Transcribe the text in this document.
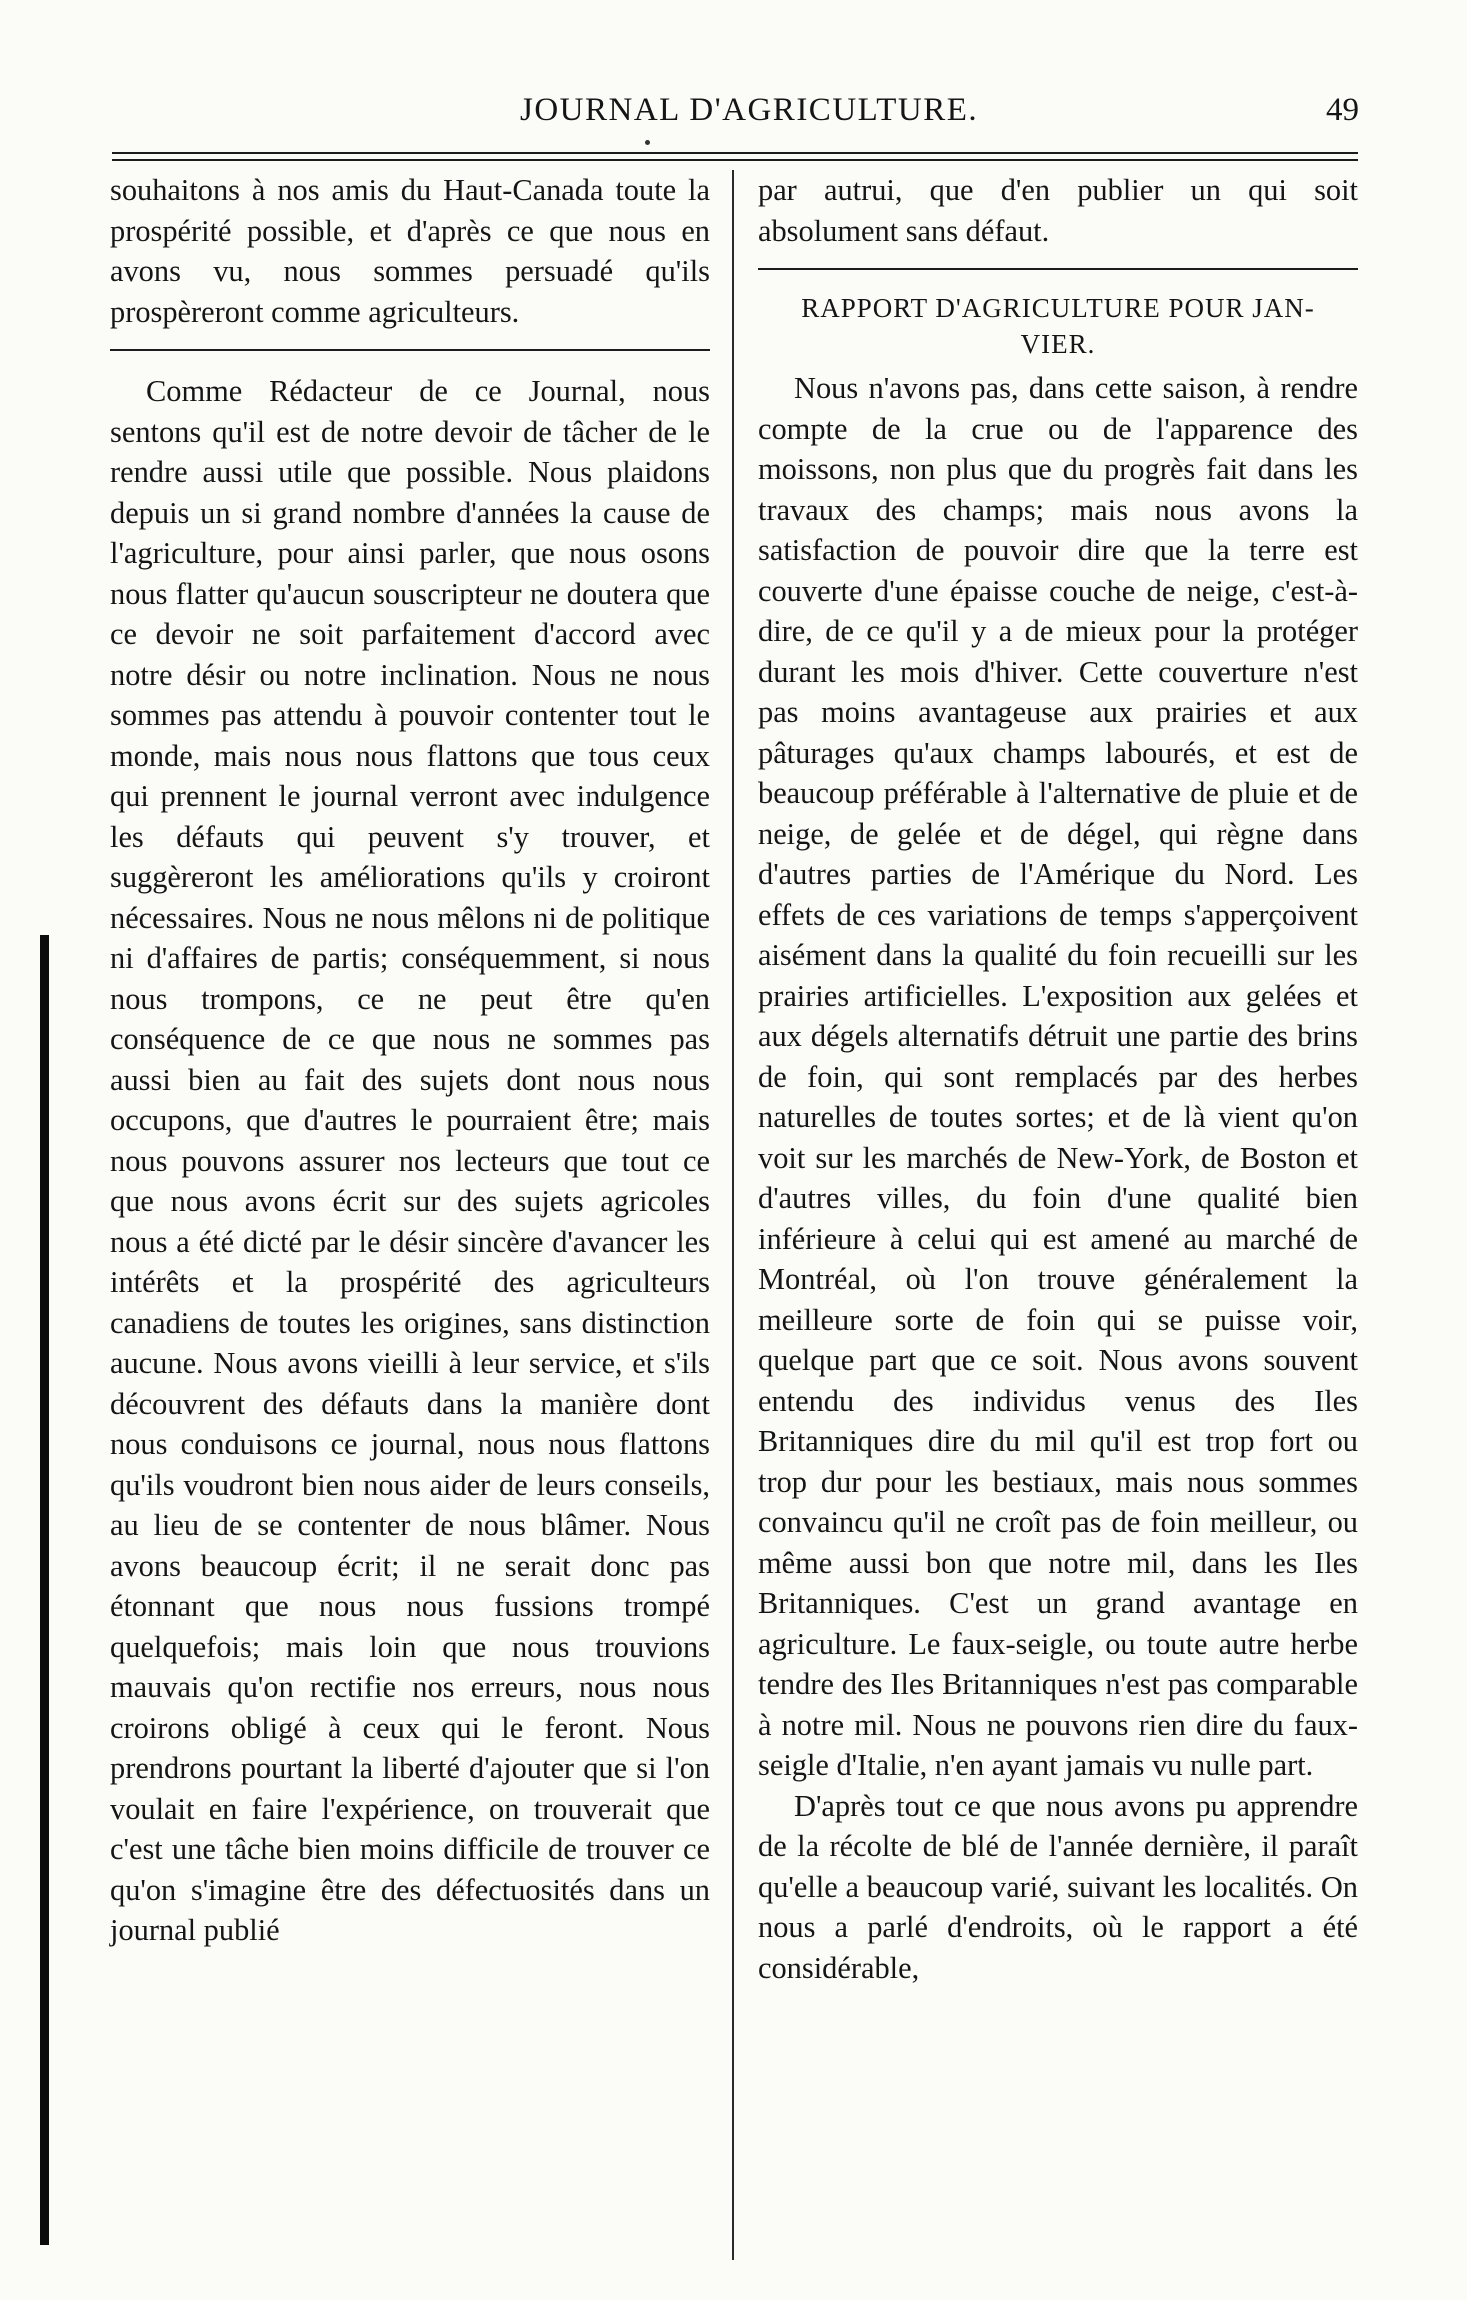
JOURNAL D'AGRICULTURE.	49

souhaitons à nos amis du Haut-Canada toute la prospérité possible, et d'après ce que nous en avons vu, nous sommes persuadé qu'ils prospèreront comme agriculteurs.

Comme Rédacteur de ce Journal, nous sentons qu'il est de notre devoir de tâcher de le rendre aussi utile que possible. Nous plaidons depuis un si grand nombre d'années la cause de l'agriculture, pour ainsi parler, que nous osons nous flatter qu'aucun souscripteur ne doutera que ce devoir ne soit parfaitement d'accord avec notre désir ou notre inclination. Nous ne nous sommes pas attendu à pouvoir contenter tout le monde, mais nous nous flattons que tous ceux qui prennent le journal verront avec indulgence les défauts qui peuvent s'y trouver, et suggèreront les améliorations qu'ils y croiront nécessaires. Nous ne nous mêlons ni de politique ni d'affaires de partis; conséquemment, si nous nous trompons, ce ne peut être qu'en conséquence de ce que nous ne sommes pas aussi bien au fait des sujets dont nous nous occupons, que d'autres le pourraient être; mais nous pouvons assurer nos lecteurs que tout ce que nous avons écrit sur des sujets agricoles nous a été dicté par le désir sincère d'avancer les intérêts et la prospérité des agriculteurs canadiens de toutes les origines, sans distinction aucune. Nous avons vieilli à leur service, et s'ils découvrent des défauts dans la manière dont nous conduisons ce journal, nous nous flattons qu'ils voudront bien nous aider de leurs conseils, au lieu de se contenter de nous blâmer. Nous avons beaucoup écrit; il ne serait donc pas étonnant que nous nous fussions trompé quelquefois; mais loin que nous trouvions mauvais qu'on rectifie nos erreurs, nous nous croirons obligé à ceux qui le feront. Nous prendrons pourtant la liberté d'ajouter que si l'on voulait en faire l'expérience, on trouverait que c'est une tâche bien moins difficile de trouver ce qu'on s'imagine être des défectuosités dans un journal publié

par autrui, que d'en publier un qui soit absolument sans défaut.

RAPPORT D'AGRICULTURE POUR JAN-
VIER.

Nous n'avons pas, dans cette saison, à rendre compte de la crue ou de l'apparence des moissons, non plus que du progrès fait dans les travaux des champs; mais nous avons la satisfaction de pouvoir dire que la terre est couverte d'une épaisse couche de neige, c'est-à-dire, de ce qu'il y a de mieux pour la protéger durant les mois d'hiver. Cette couverture n'est pas moins avantageuse aux prairies et aux pâturages qu'aux champs labourés, et est de beaucoup préférable à l'alternative de pluie et de neige, de gelée et de dégel, qui règne dans d'autres parties de l'Amérique du Nord. Les effets de ces variations de temps s'apperçoivent aisément dans la qualité du foin recueilli sur les prairies artificielles. L'exposition aux gelées et aux dégels alternatifs détruit une partie des brins de foin, qui sont remplacés par des herbes naturelles de toutes sortes; et de là vient qu'on voit sur les marchés de New-York, de Boston et d'autres villes, du foin d'une qualité bien inférieure à celui qui est amené au marché de Montréal, où l'on trouve généralement la meilleure sorte de foin qui se puisse voir, quelque part que ce soit. Nous avons souvent entendu des individus venus des Iles Britanniques dire du mil qu'il est trop fort ou trop dur pour les bestiaux, mais nous sommes convaincu qu'il ne croît pas de foin meilleur, ou même aussi bon que notre mil, dans les Iles Britanniques. C'est un grand avantage en agriculture. Le faux-seigle, ou toute autre herbe tendre des Iles Britanniques n'est pas comparable à notre mil. Nous ne pouvons rien dire du faux-seigle d'Italie, n'en ayant jamais vu nulle part.

D'après tout ce que nous avons pu apprendre de la récolte de blé de l'année dernière, il paraît qu'elle a beaucoup varié, suivant les localités. On nous a parlé d'endroits, où le rapport a été considérable,
